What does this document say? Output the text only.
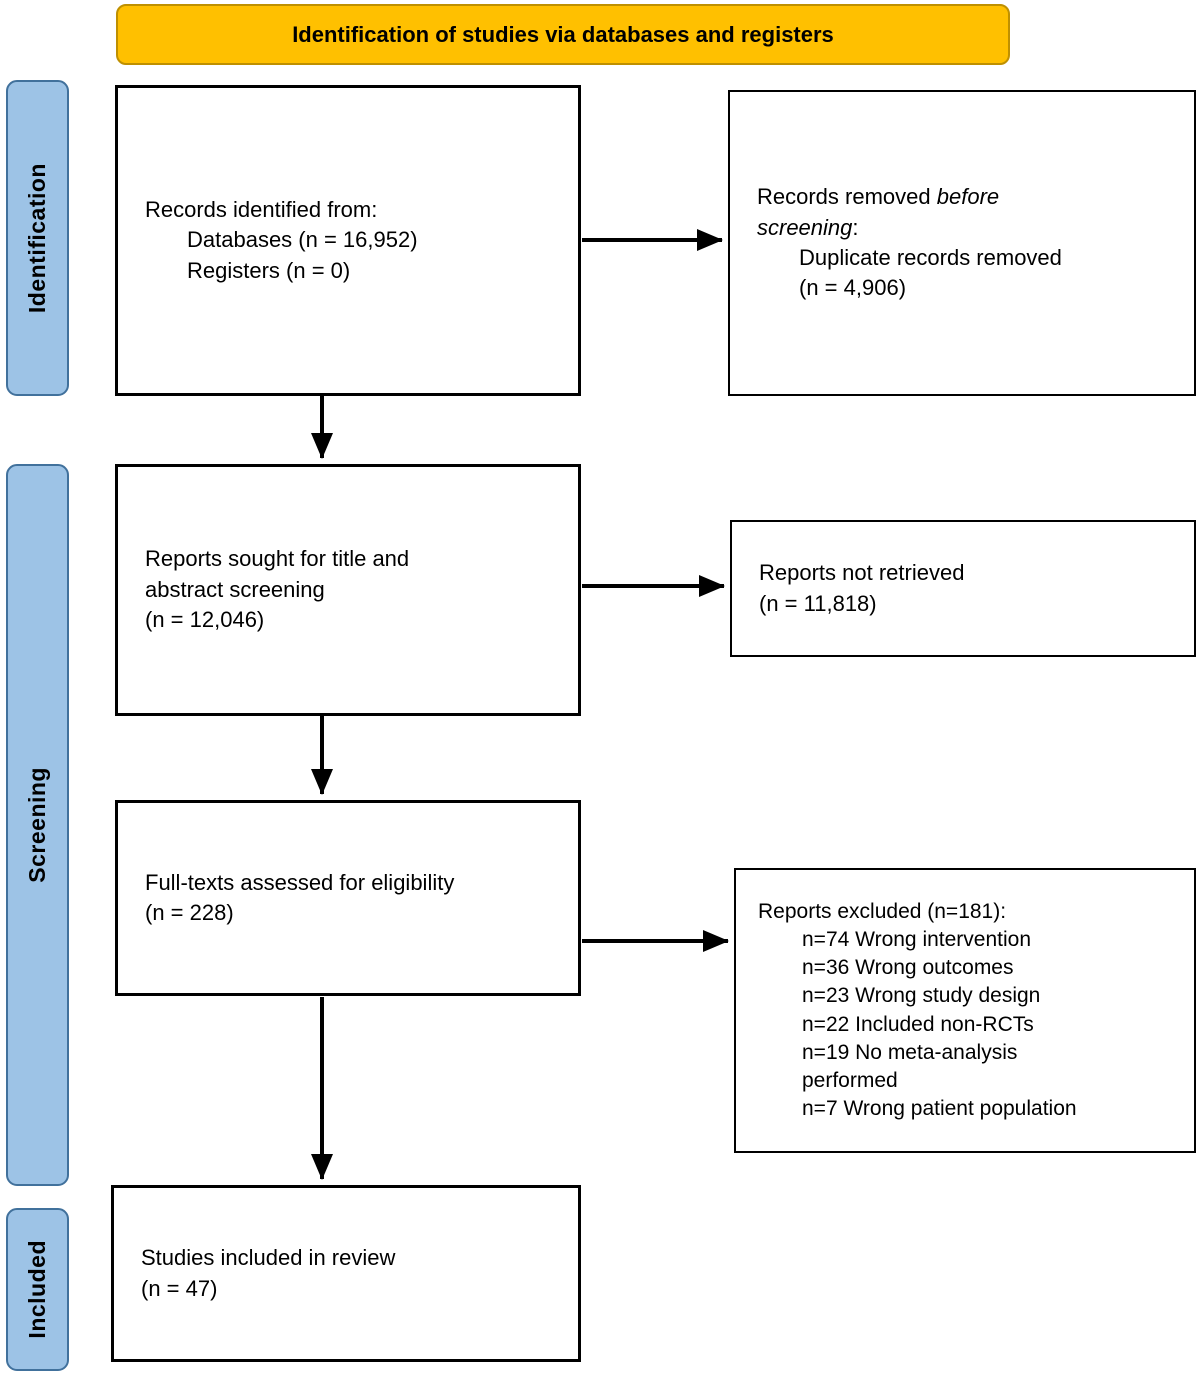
Identification of studies via databases and registers
Identification
Screening
Included
Records identified from:
Databases (n = 16,952)
Registers (n = 0)
Reports sought for title and
abstract screening
(n = 12,046)
Full-texts assessed for eligibility
(n = 228)
Studies included in review
(n = 47)
Records removed before
screening:
Duplicate records removed
(n = 4,906)
Reports not retrieved
(n = 11,818)
Reports excluded (n=181):
n=74 Wrong intervention
n=36 Wrong outcomes
n=23 Wrong study design
n=22 Included non-RCTs
n=19 No meta-analysis
performed
n=7 Wrong patient population
